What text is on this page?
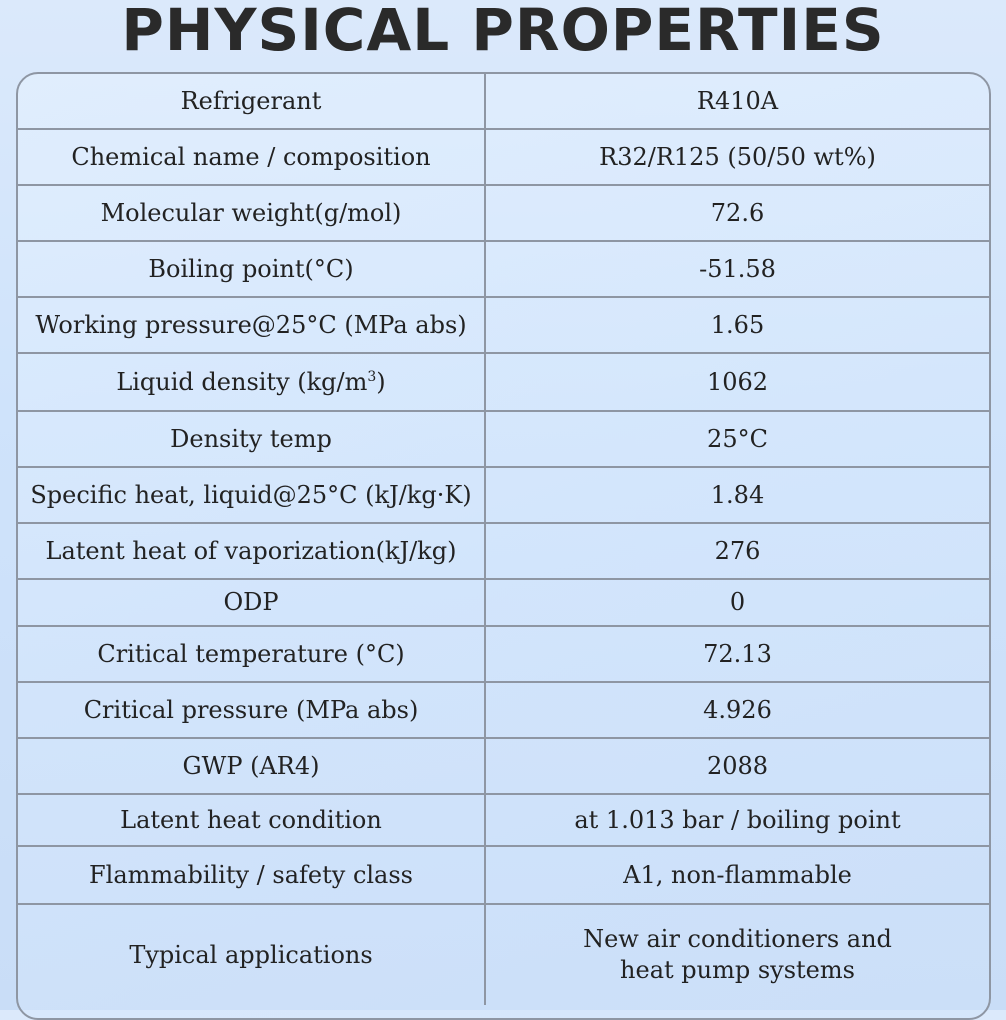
PHYSICAL PROPERTIES
Refrigerant	R410A
Chemical name / composition	R32/R125 (50/50 wt%)
Molecular weight(g/mol)	72.6
Boiling point(°C)	-51.58
Working pressure@25°C (MPa abs)	1.65
Liquid density $(kg/m^3)$	1062
Density temp	25°C
Specific heat, liquid@25°C (kJ/kg·K)	1.84
Latent heat of vaporization(kJ/kg)	276
ODP	0
Critical temperature (°C)	72.13
Critical pressure (MPa abs)	4.926
GWP (AR4)	2088
Latent heat condition	at 1.013 bar / boiling point
Flammability / safety class	A1, non-flammable
Typical applications	New air conditioners and
heat pump systems
